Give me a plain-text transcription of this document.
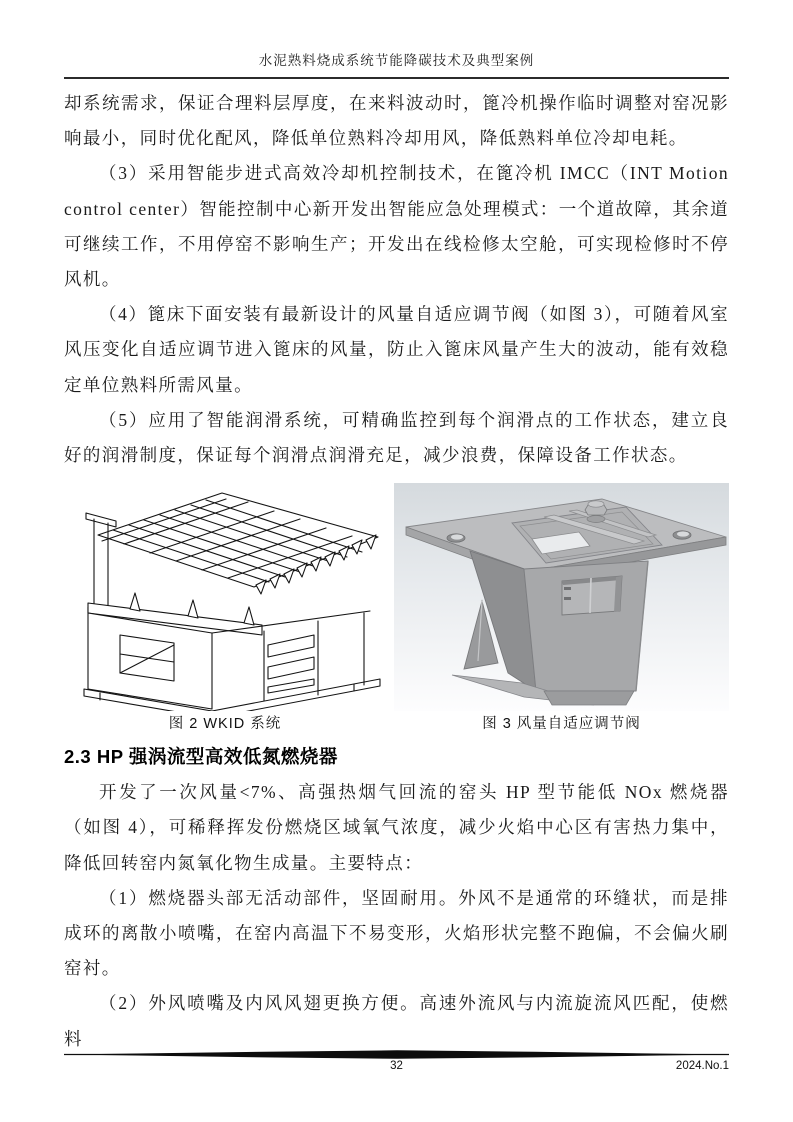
水泥熟料烧成系统节能降碳技术及典型案例

却系统需求，保证合理料层厚度，在来料波动时，篦冷机操作临时调整对窑况影响最小，同时优化配风，降低单位熟料冷却用风，降低熟料单位冷却电耗。

（3）采用智能步进式高效冷却机控制技术，在篦冷机 IMCC（INT Motion control center）智能控制中心新开发出智能应急处理模式：一个道故障，其余道可继续工作，不用停窑不影响生产；开发出在线检修太空舱，可实现检修时不停风机。

（4）篦床下面安装有最新设计的风量自适应调节阀（如图 3），可随着风室风压变化自适应调节进入篦床的风量，防止入篦床风量产生大的波动，能有效稳定单位熟料所需风量。

（5）应用了智能润滑系统，可精确监控到每个润滑点的工作状态，建立良好的润滑制度，保证每个润滑点润滑充足，减少浪费，保障设备工作状态。

图 2 WKID 系统	图 3 风量自适应调节阀
2.3 HP 强涡流型高效低氮燃烧器

开发了一次风量<7%、高强热烟气回流的窑头 HP 型节能低 NOx 燃烧器（如图 4），可稀释挥发份燃烧区域氧气浓度，减少火焰中心区有害热力集中，降低回转窑内氮氧化物生成量。主要特点：

（1）燃烧器头部无活动部件，坚固耐用。外风不是通常的环缝状，而是排成环的离散小喷嘴，在窑内高温下不易变形，火焰形状完整不跑偏，不会偏火刷窑衬。

（2）外风喷嘴及内风风翅更换方便。高速外流风与内流旋流风匹配，使燃料

32	2024.No.1
